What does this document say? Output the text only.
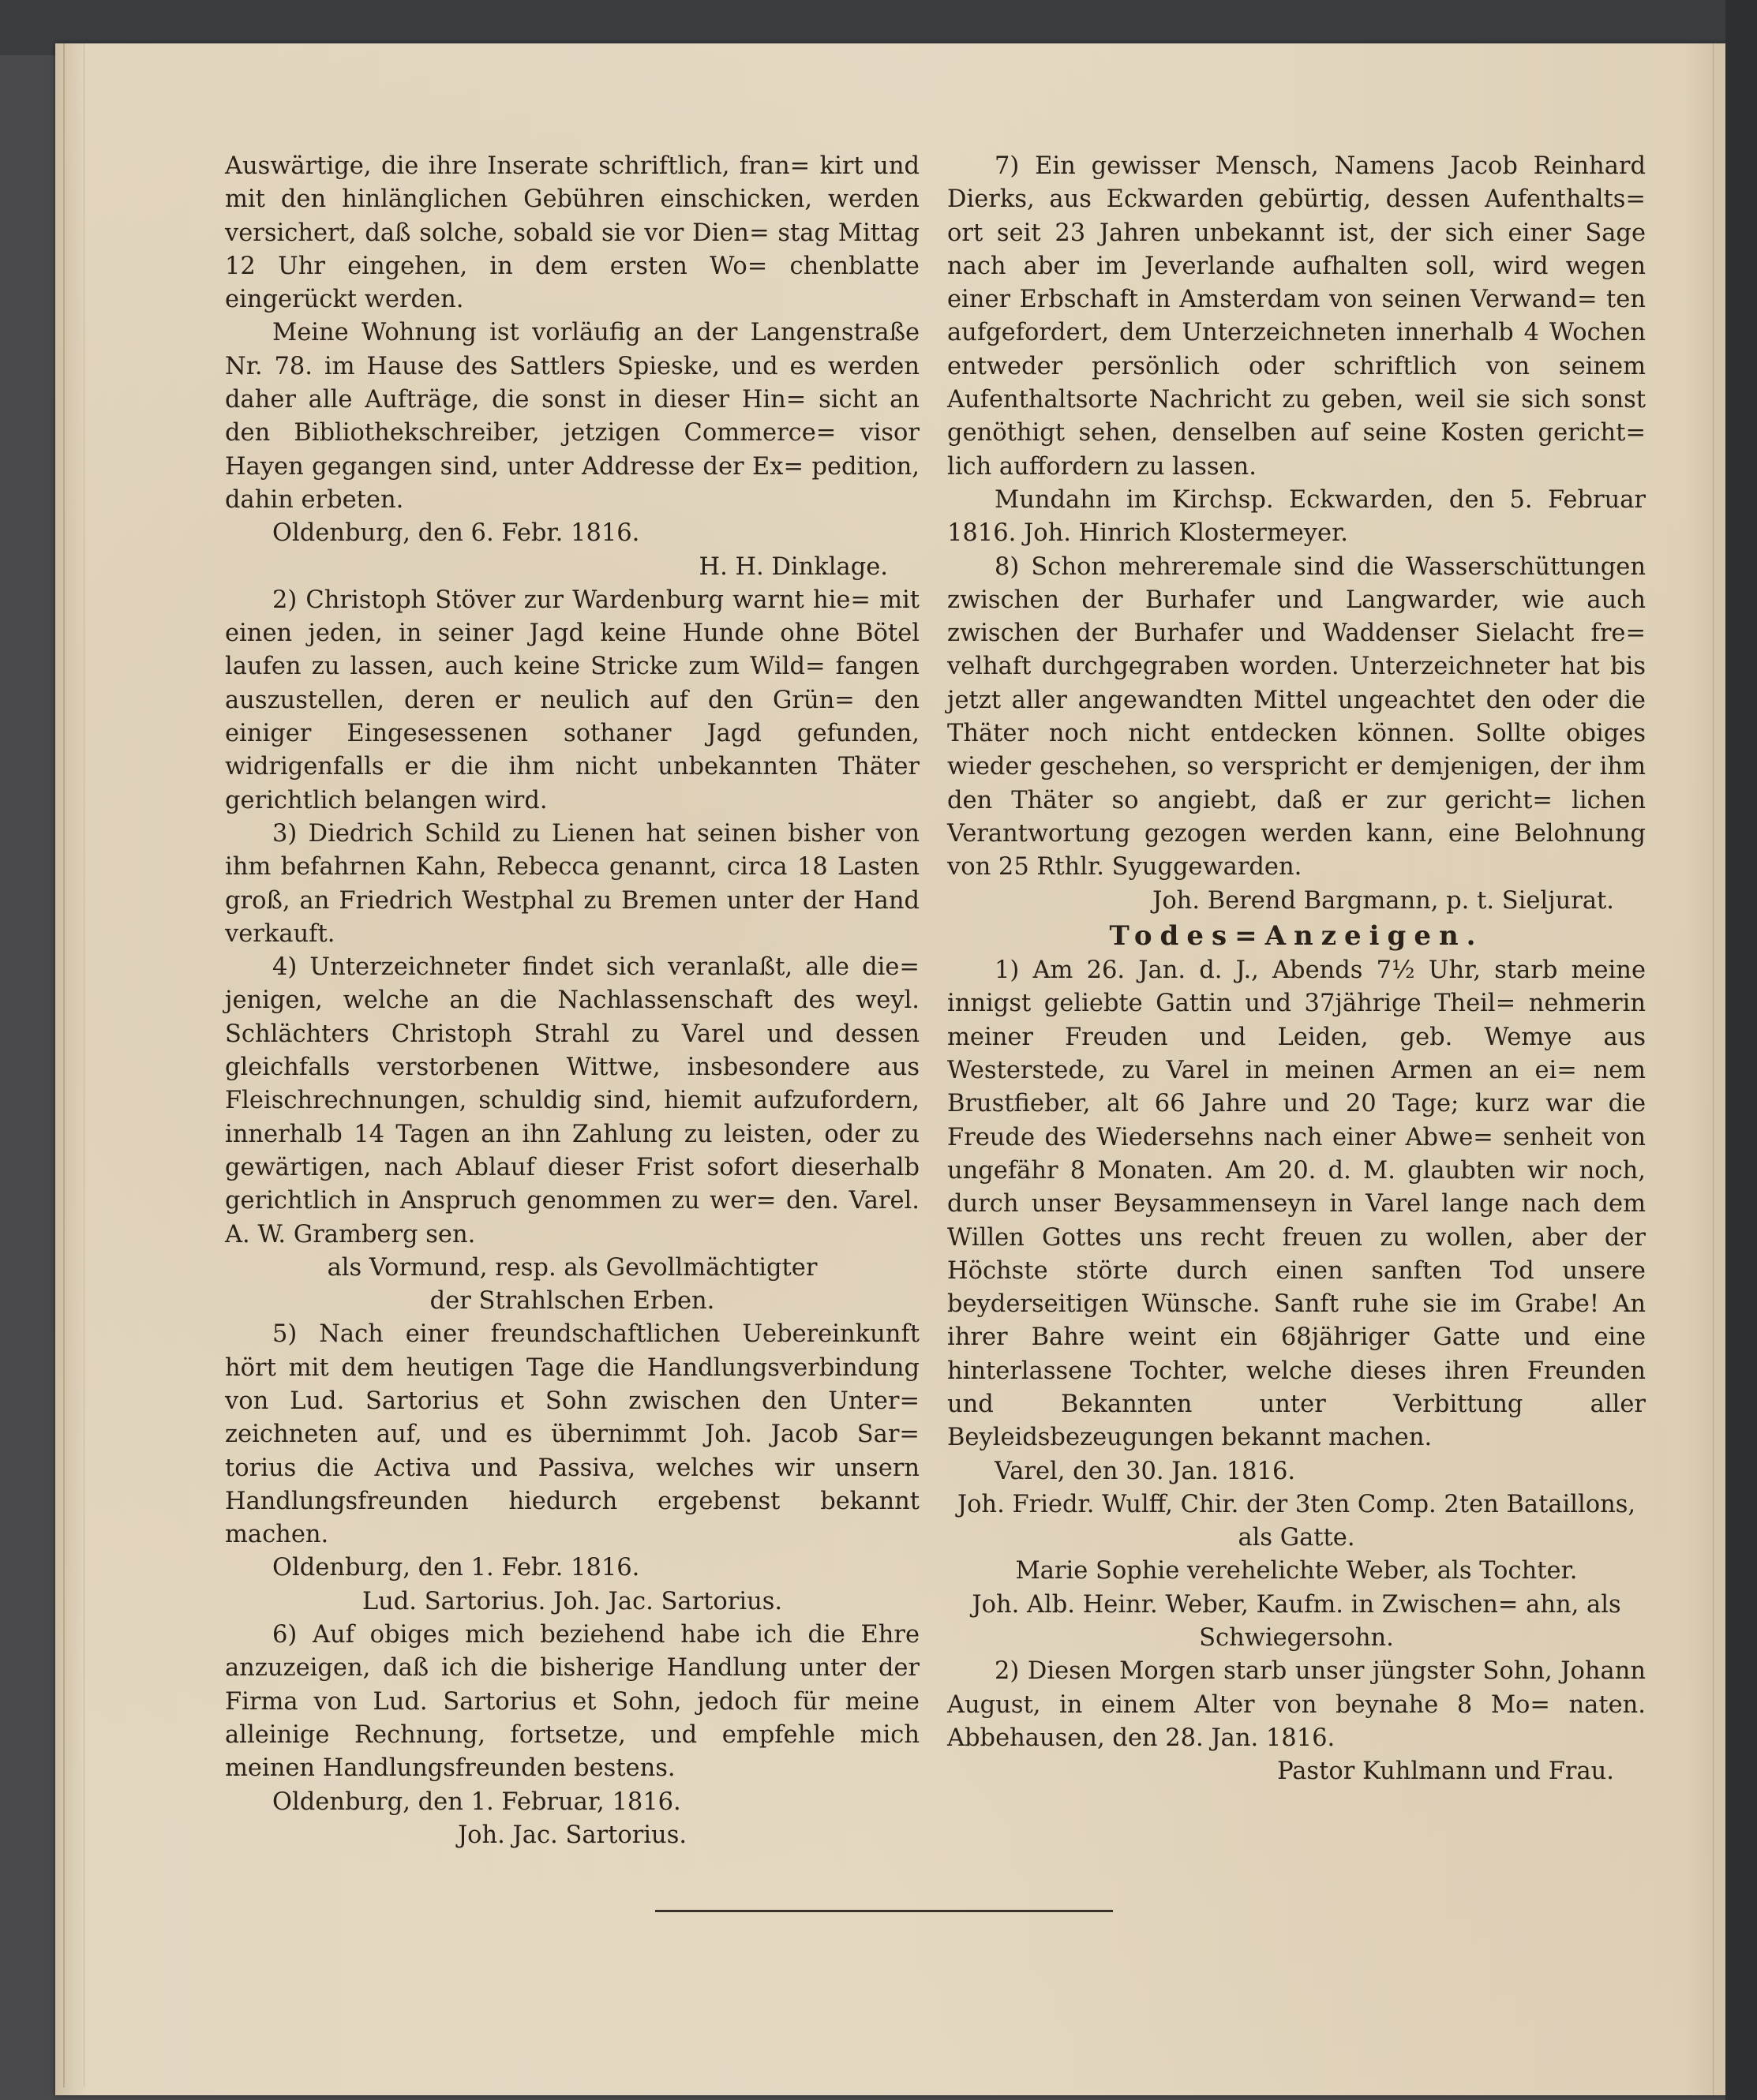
Auswärtige, die ihre Inserate schriftlich, fran= kirt und mit den hinlänglichen Gebühren einschicken, werden versichert, daß solche, sobald sie vor Dien= stag Mittag 12 Uhr eingehen, in dem ersten Wo= chenblatte eingerückt werden.

Meine Wohnung ist vorläufig an der Langenstraße Nr. 78. im Hause des Sattlers Spieske, und es werden daher alle Aufträge, die sonst in dieser Hin= sicht an den Bibliothekschreiber, jetzigen Commerce= visor Hayen gegangen sind, unter Addresse der Ex= pedition, dahin erbeten.

Oldenburg, den 6. Febr. 1816.

H. H. Dinklage.

2) Christoph Stöver zur Wardenburg warnt hie= mit einen jeden, in seiner Jagd keine Hunde ohne Bötel laufen zu lassen, auch keine Stricke zum Wild= fangen auszustellen, deren er neulich auf den Grün= den einiger Eingesessenen sothaner Jagd gefunden, widrigenfalls er die ihm nicht unbekannten Thäter gerichtlich belangen wird.

3) Diedrich Schild zu Lienen hat seinen bisher von ihm befahrnen Kahn, Rebecca genannt, circa 18 Lasten groß, an Friedrich Westphal zu Bremen unter der Hand verkauft.

4) Unterzeichneter findet sich veranlaßt, alle die= jenigen, welche an die Nachlassenschaft des weyl. Schlächters Christoph Strahl zu Varel und dessen gleichfalls verstorbenen Wittwe, insbesondere aus Fleischrechnungen, schuldig sind, hiemit aufzufordern, innerhalb 14 Tagen an ihn Zahlung zu leisten, oder zu gewärtigen, nach Ablauf dieser Frist sofort dieserhalb gerichtlich in Anspruch genommen zu wer= den. Varel. A. W. Gramberg sen.

als Vormund, resp. als Gevollmächtigter

der Strahlschen Erben.

5) Nach einer freundschaftlichen Uebereinkunft hört mit dem heutigen Tage die Handlungsverbindung von Lud. Sartorius et Sohn zwischen den Unter= zeichneten auf, und es übernimmt Joh. Jacob Sar= torius die Activa und Passiva, welches wir unsern Handlungsfreunden hiedurch ergebenst bekannt machen.

Oldenburg, den 1. Febr. 1816.

Lud. Sartorius. Joh. Jac. Sartorius.

6) Auf obiges mich beziehend habe ich die Ehre anzuzeigen, daß ich die bisherige Handlung unter der Firma von Lud. Sartorius et Sohn, jedoch für meine alleinige Rechnung, fortsetze, und empfehle mich meinen Handlungsfreunden bestens.

Oldenburg, den 1. Februar, 1816.

Joh. Jac. Sartorius.

7) Ein gewisser Mensch, Namens Jacob Reinhard Dierks, aus Eckwarden gebürtig, dessen Aufenthalts= ort seit 23 Jahren unbekannt ist, der sich einer Sage nach aber im Jeverlande aufhalten soll, wird wegen einer Erbschaft in Amsterdam von seinen Verwand= ten aufgefordert, dem Unterzeichneten innerhalb 4 Wochen entweder persönlich oder schriftlich von seinem Aufenthaltsorte Nachricht zu geben, weil sie sich sonst genöthigt sehen, denselben auf seine Kosten gericht= lich auffordern zu lassen.

Mundahn im Kirchsp. Eckwarden, den 5. Februar 1816. Joh. Hinrich Klostermeyer.

8) Schon mehreremale sind die Wasserschüttungen zwischen der Burhafer und Langwarder, wie auch zwischen der Burhafer und Waddenser Sielacht fre= velhaft durchgegraben worden. Unterzeichneter hat bis jetzt aller angewandten Mittel ungeachtet den oder die Thäter noch nicht entdecken können. Sollte obiges wieder geschehen, so verspricht er demjenigen, der ihm den Thäter so angiebt, daß er zur gericht= lichen Verantwortung gezogen werden kann, eine Belohnung von 25 Rthlr. Syuggewarden.

Joh. Berend Bargmann, p. t. Sieljurat.

Todes=Anzeigen.

1) Am 26. Jan. d. J., Abends 7½ Uhr, starb meine innigst geliebte Gattin und 37jährige Theil= nehmerin meiner Freuden und Leiden, geb. Wemye aus Westerstede, zu Varel in meinen Armen an ei= nem Brustfieber, alt 66 Jahre und 20 Tage; kurz war die Freude des Wiedersehns nach einer Abwe= senheit von ungefähr 8 Monaten. Am 20. d. M. glaubten wir noch, durch unser Beysammenseyn in Varel lange nach dem Willen Gottes uns recht freuen zu wollen, aber der Höchste störte durch einen sanften Tod unsere beyderseitigen Wünsche. Sanft ruhe sie im Grabe! An ihrer Bahre weint ein 68jähriger Gatte und eine hinterlassene Tochter, welche dieses ihren Freunden und Bekannten unter Verbittung aller Beyleidsbezeugungen bekannt machen.

Varel, den 30. Jan. 1816.

Joh. Friedr. Wulff, Chir. der 3ten Comp. 2ten Bataillons, als Gatte.

Marie Sophie verehelichte Weber, als Tochter.

Joh. Alb. Heinr. Weber, Kaufm. in Zwischen= ahn, als Schwiegersohn.

2) Diesen Morgen starb unser jüngster Sohn, Johann August, in einem Alter von beynahe 8 Mo= naten. Abbehausen, den 28. Jan. 1816.

Pastor Kuhlmann und Frau.
